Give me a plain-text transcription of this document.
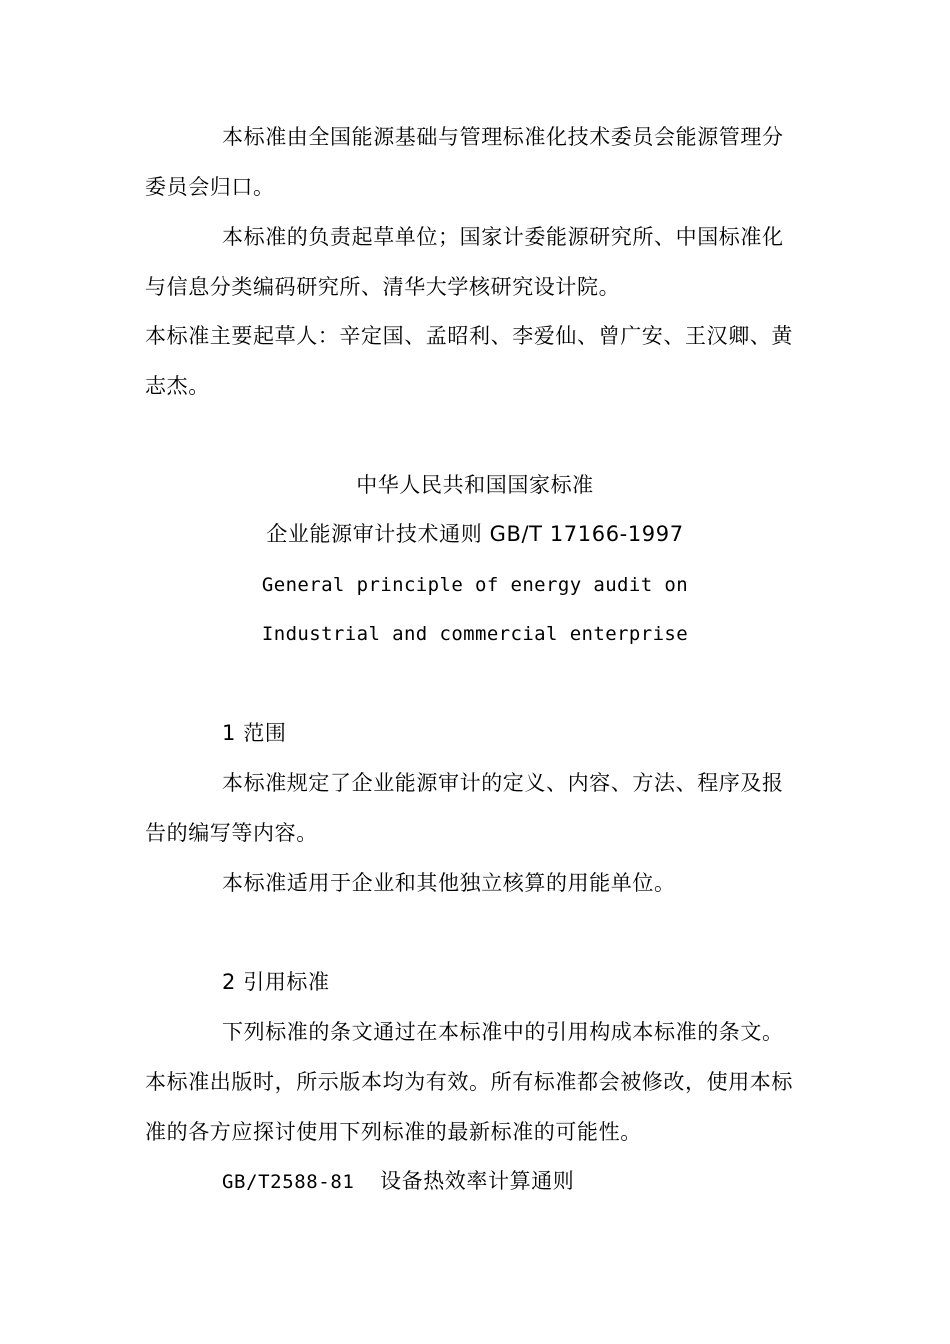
本标准由全国能源基础与管理标准化技术委员会能源管理分
委员会归口。
本标准的负责起草单位；国家计委能源研究所、中国标准化
与信息分类编码研究所、清华大学核研究设计院。
本标准主要起草人：辛定国、孟昭利、李爱仙、曾广安、王汉卿、黄
志杰。
中华人民共和国国家标准
企业能源审计技术通则 GB/T 17166-1997
General principle of energy audit on
Industrial and commercial enterprise
1 范围
本标准规定了企业能源审计的定义、内容、方法、程序及报
告的编写等内容。
本标准适用于企业和其他独立核算的用能单位。
2 引用标准
下列标准的条文通过在本标准中的引用构成本标准的条文。
本标准出版时，所示版本均为有效。所有标准都会被修改，使用本标
准的各方应探讨使用下列标准的最新标准的可能性。
GB/T2588-81 设备热效率计算通则
